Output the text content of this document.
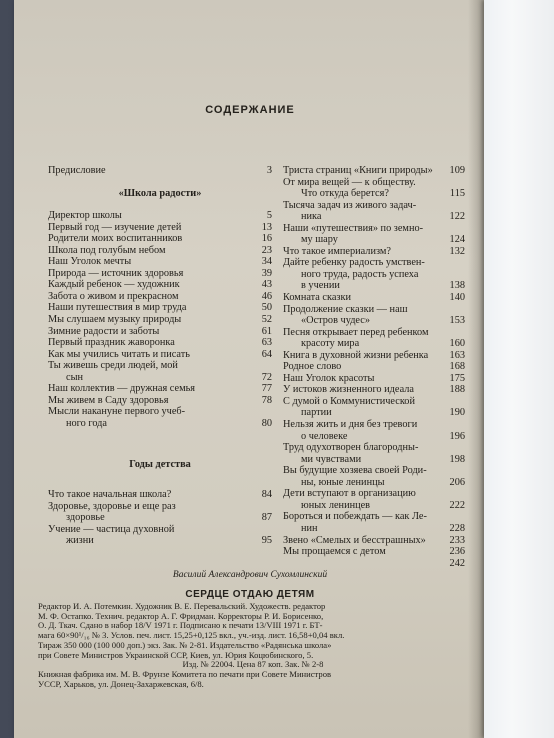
СОДЕРЖАНИЕ
Предисловие	3
«Школа радости»
Директор школы	5
Первый год — изучение детей	13
Родители моих воспитанников	16
Школа под голубым небом	23
Наш Уголок мечты	34
Природа — источник здоровья	39
Каждый ребенок — художник	43
Забота о живом и прекрасном	46
Наши путешествия в мир труда	50
Мы слушаем музыку природы	52
Зимние радости и заботы	61
Первый праздник жаворонка	63
Как мы учились читать и писать	64
Ты живешь среди людей, мой
сын	72
Наш коллектив — дружная семья	77
Мы живем в Саду здоровья	78
Мысли накануне первого учеб-
ного года	80
Годы детства
Что такое начальная школа?	84
Здоровье, здоровье и еще раз
здоровье	87
Учение — частица духовной
жизни	95
Триста страниц «Книги природы»	109
От мира вещей — к обществу.
Что откуда берется?	115
Тысяча задач из живого задач-
ника	122
Наши «путешествия» по земно-
му шару	124
Что такое империализм?	132
Дайте ребенку радость умствен-
ного труда, радость успеха
в учении	138
Комната сказки	140
Продолжение сказки — наш
«Остров чудес»	153
Песня открывает перед ребенком
красоту мира	160
Книга в духовной жизни ребенка	163
Родное слово	168
Наш Уголок красоты	175
У истоков жизненного идеала	188
С думой о Коммунистической
партии	190
Нельзя жить и дня без тревоги
о человеке	196
Труд одухотворен благородны-
ми чувствами	198
Вы будущие хозяева своей Роди-
ны, юные ленинцы	206
Дети вступают в организацию
юных ленинцев	222
Бороться и побеждать — как Ле-
нин	228
Звено «Смелых и бесстрашных»	233
Мы прощаемся с детом	236

242
Василий Александрович Сухомлинский
СЕРДЦЕ ОТДАЮ ДЕТЯМ
Редактор И. А. Потемкин. Художник В. Е. Перевальский. Художеств. редактор
М. Ф. Остапко. Технич. редактор А. Г. Фридман. Корректоры Р. И. Борисенко,
О. Д. Ткач. Сдано в набор 18/V 1971 г. Подписано к печати 13/VIII 1971 г. БТ-
мага 60×90¹/₁₆ № 3. Услов. печ. лист. 15,25+0,125 вкл., уч.-изд. лист. 16,58+0,04 вкл.
Тираж 350 000 (100 000 доп.) экз. Зак. № 2-81. Издательство «Радянська школа»
при Совете Министров Украинской ССР, Киев, ул. Юрия Коцюбинского, 5.
Изд. № 22004. Цена 87 коп. Зак. № 2-8
Книжная фабрика им. М. В. Фрунзе Комитета по печати при Совете Министров
УССР, Харьков, ул. Донец-Захаржевская, 6/8.
